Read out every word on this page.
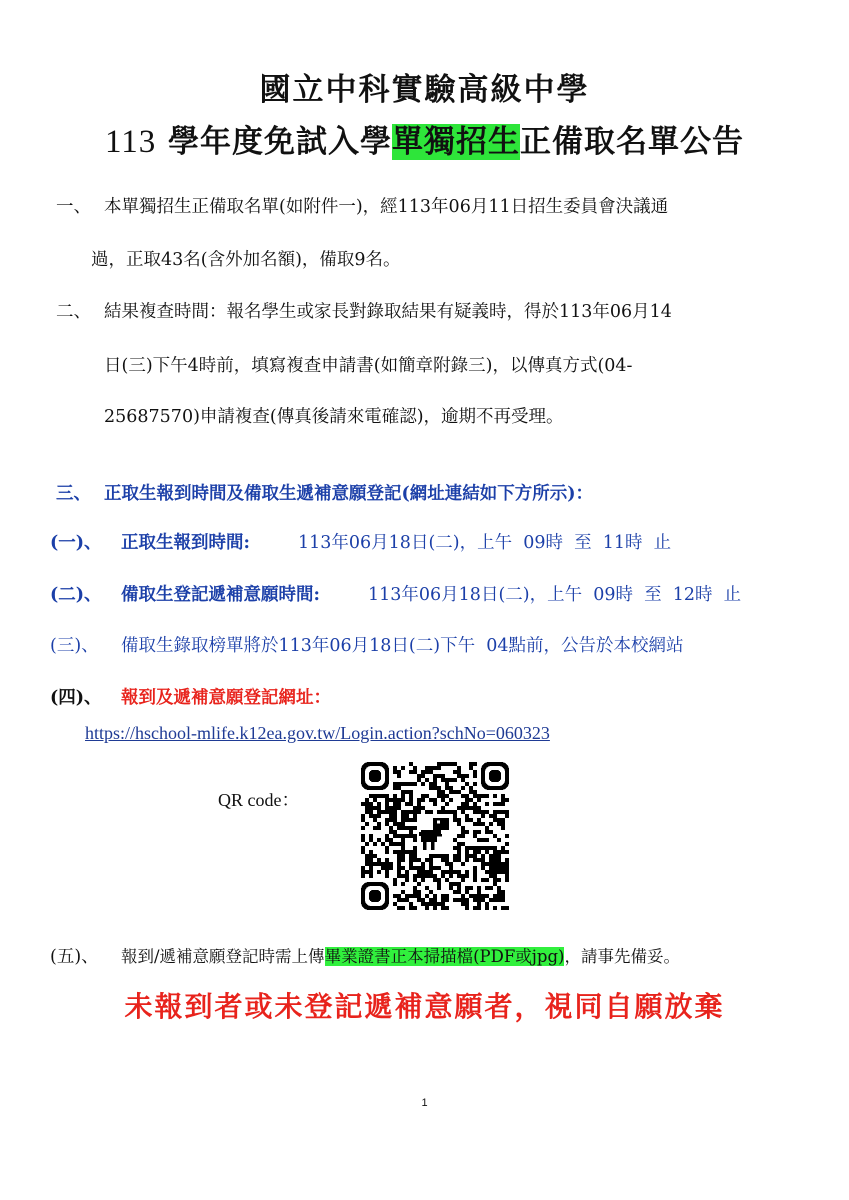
國立中科實驗高級中學
113 學年度免試入學單獨招生正備取名單公告
一、 本單獨招生正備取名單(如附件一)，經113年06月11日招生委員會決議通
過，正取43名(含外加名額)，備取9名。
二、 結果複查時間：報名學生或家長對錄取結果有疑義時，得於113年06月14
日(三)下午4時前，填寫複查申請書(如簡章附錄三)，以傳真方式(04-
25687570)申請複查(傳真後請來電確認)，逾期不再受理。
三、 正取生報到時間及備取生遞補意願登記(網址連結如下方所示)：
(一)、 正取生報到時間:	113年06月18日(二)，上午  09時  至  11時  止
(二)、 備取生登記遞補意願時間:	113年06月18日(二)，上午  09時  至  12時  止
(三)、 備取生錄取榜單將於113年06月18日(二)下午  04點前，公告於本校網站
(四)、 報到及遞補意願登記網址：
https://hschool-mlife.k12ea.gov.tw/Login.action?schNo=060323
QR code：
(五)、 報到/遞補意願登記時需上傳畢業證書正本掃描檔(PDF或jpg)，請事先備妥。
未報到者或未登記遞補意願者，視同自願放棄
1
